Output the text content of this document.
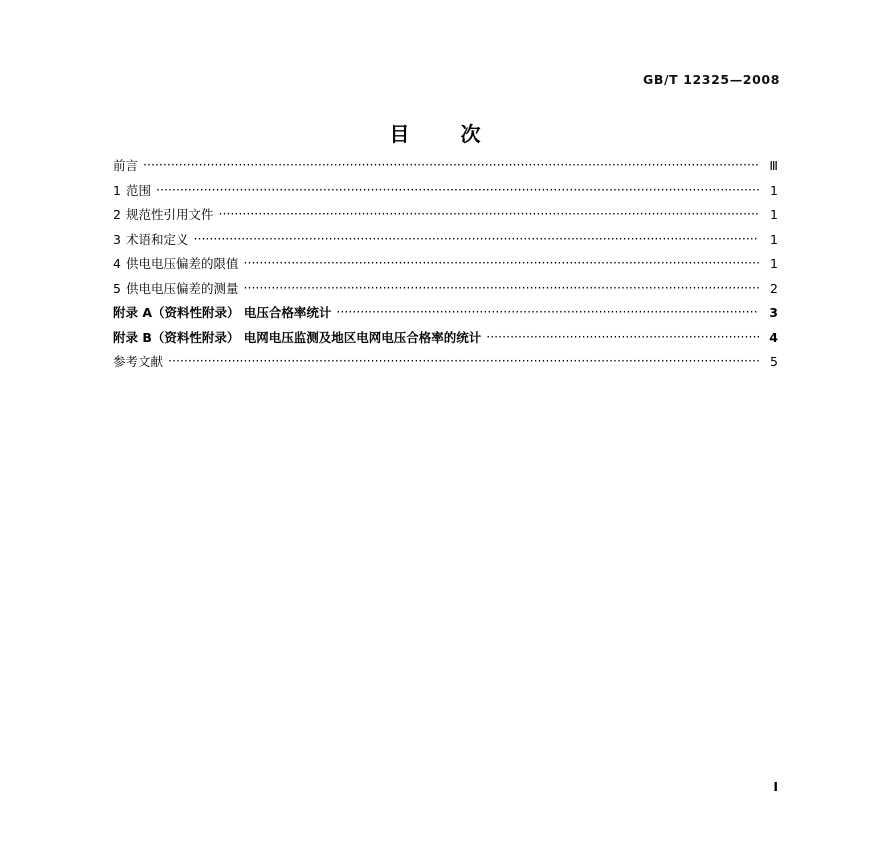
GB/T 12325—2008
目 次
前言 ·····	Ⅲ
1 范围 ·····	1
2 规范性引用文件 ·····	1
3 术语和定义 ·····	1
4 供电电压偏差的限值 ·····	1
5 供电电压偏差的测量 ·····	2
附录 A（资料性附录） 电压合格率统计 ·····	3
附录 B（资料性附录） 电网电压监测及地区电网电压合格率的统计 ·····	4
参考文献 ·····	5
I
